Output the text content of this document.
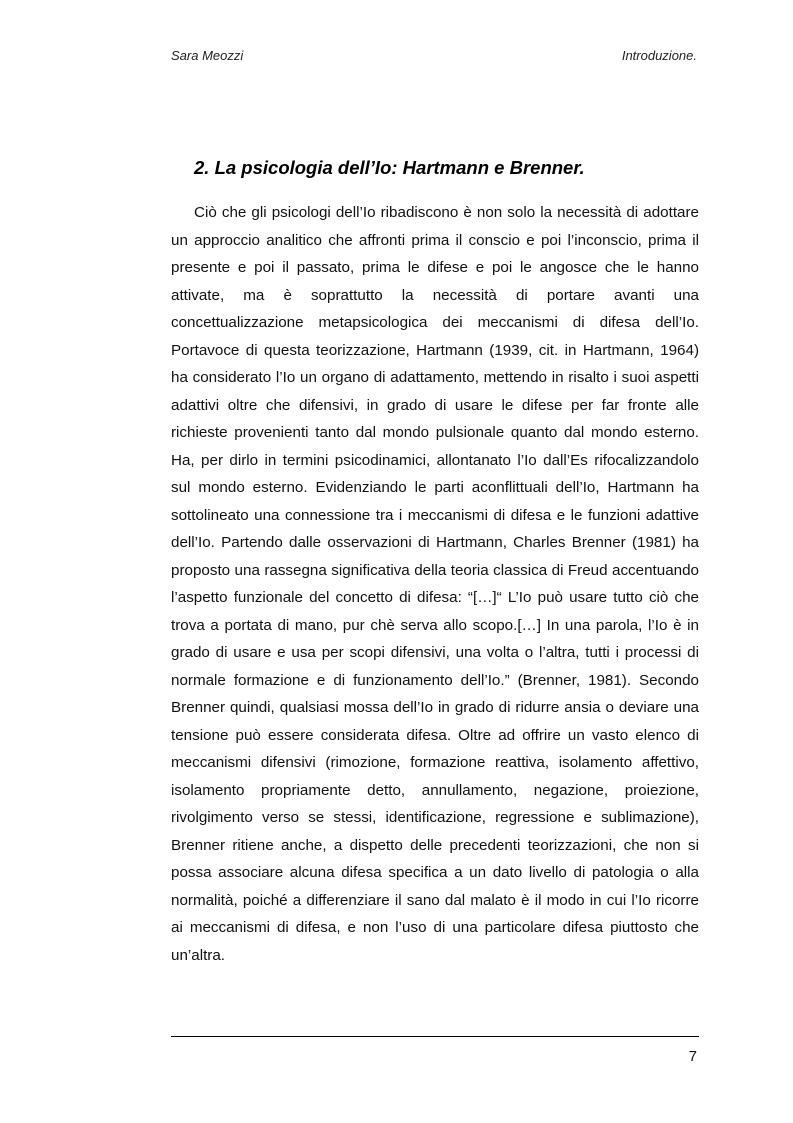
Sara Meozzi	Introduzione.
2. La psicologia dell’Io: Hartmann e Brenner.

Ciò che gli psicologi dell’Io ribadiscono è non solo la necessità di adottare un approccio analitico che affronti prima il conscio e poi l’inconscio, prima il presente e poi il passato, prima le difese e poi le angosce che le hanno attivate, ma è soprattutto la necessità di portare avanti una concettualizzazione metapsicologica dei meccanismi di difesa dell’Io. Portavoce di questa teorizzazione, Hartmann (1939, cit. in Hartmann, 1964) ha considerato l’Io un organo di adattamento, mettendo in risalto i suoi aspetti adattivi oltre che difensivi, in grado di usare le difese per far fronte alle richieste provenienti tanto dal mondo pulsionale quanto dal mondo esterno. Ha, per dirlo in termini psicodinamici, allontanato l’Io dall’Es rifocalizzandolo sul mondo esterno. Evidenziando le parti aconflittuali dell’Io, Hartmann ha sottolineato una connessione tra i meccanismi di difesa e le funzioni adattive dell’Io. Partendo dalle osservazioni di Hartmann, Charles Brenner (1981) ha proposto una rassegna significativa della teoria classica di Freud accentuando l’aspetto funzionale del concetto di difesa: “[…]“ L’Io può usare tutto ciò che trova a portata di mano, pur chè serva allo scopo.[…] In una parola, l’Io è in grado di usare e usa per scopi difensivi, una volta o l’altra, tutti i processi di normale formazione e di funzionamento dell’Io.” (Brenner, 1981). Secondo Brenner quindi, qualsiasi mossa dell’Io in grado di ridurre ansia o deviare una tensione può essere considerata difesa. Oltre ad offrire un vasto elenco di meccanismi difensivi (rimozione, formazione reattiva, isolamento affettivo, isolamento propriamente detto, annullamento, negazione, proiezione, rivolgimento verso se stessi, identificazione, regressione e sublimazione), Brenner ritiene anche, a dispetto delle precedenti teorizzazioni, che non si possa associare alcuna difesa specifica a un dato livello di patologia o alla normalità, poiché a differenziare il sano dal malato è il modo in cui l’Io ricorre ai meccanismi di difesa, e non l’uso di una particolare difesa piuttosto che un’altra.

7
